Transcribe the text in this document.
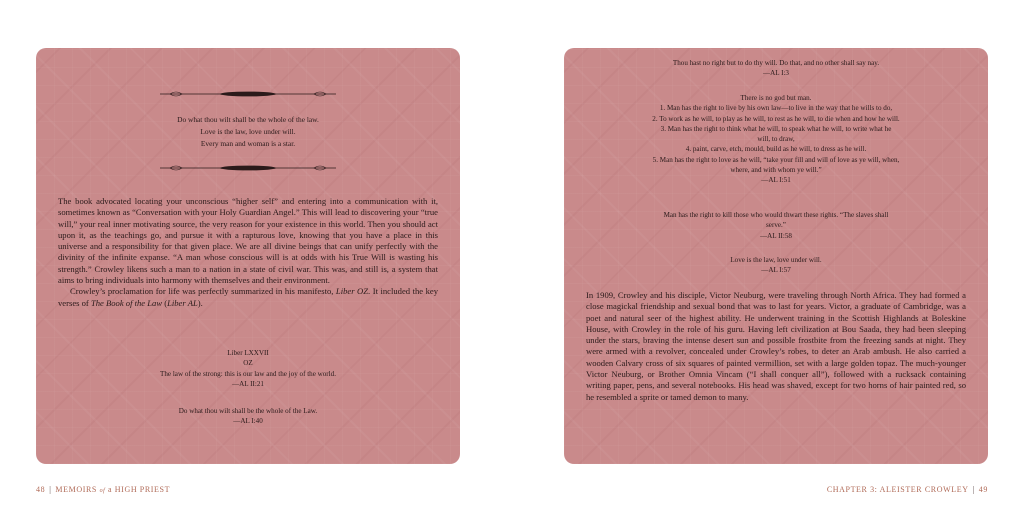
Do what thou wilt shall be the whole of the law.
Love is the law, love under will.
Every man and woman is a star.

The book advocated locating your unconscious “higher self” and entering into a communication with it, sometimes known as “Conversation with your Holy Guardian Angel.” This will lead to discovering your “true will,” your real inner motivating source, the very reason for your existence in this world. Then you should act upon it, as the teachings go, and pursue it with a rapturous love, knowing that you have a place in this universe and a responsibility for that given place. We are all divine beings that can unify perfectly with the divinity of the infinite expanse. “A man whose conscious will is at odds with his True Will is wasting his strength.” Crowley likens such a man to a nation in a state of civil war. This was, and still is, a system that aims to bring individuals into harmony with themselves and their environment.

Crowley’s proclamation for life was perfectly summarized in his manifesto, Liber OZ. It included the key verses of The Book of the Law (Liber AL).

Liber LXXVII
OZ
The law of the strong: this is our law and the joy of the world.
—AL II:21
Do what thou wilt shall be the whole of the Law.
—AL I:40
Thou hast no right but to do thy will. Do that, and no other shall say nay.
—AL I:3
There is no god but man.
1. Man has the right to live by his own law—to live in the way that he wills to do,
2. To work as he will, to play as he will, to rest as he will, to die when and how he will.
3. Man has the right to think what he will, to speak what he will, to write what he
will, to draw,
4. paint, carve, etch, mould, build as he will, to dress as he will.
5. Man has the right to love as he will, “take your fill and will of love as ye will, when,
where, and with whom ye will.”
—AL I:51
Man has the right to kill those who would thwart these rights. “The slaves shall
serve.”
—AL II:58
Love is the law, love under will.
—AL I:57

In 1909, Crowley and his disciple, Victor Neuburg, were traveling through North Africa. They had formed a close magickal friendship and sexual bond that was to last for years. Victor, a graduate of Cambridge, was a poet and natural seer of the highest ability. He underwent training in the Scottish Highlands at Boleskine House, with Crowley in the role of his guru. Having left civilization at Bou Saada, they had been sleeping under the stars, braving the intense desert sun and possible frostbite from the freezing sands at night. They were armed with a revolver, concealed under Crowley’s robes, to deter an Arab ambush. He also carried a wooden Calvary cross of six squares of painted vermillion, set with a large golden topaz. The much-younger Victor Neuburg, or Brother Omnia Vincam (“I shall conquer all”), followed with a rucksack containing writing paper, pens, and several notebooks. His head was shaved, except for two horns of hair painted red, so he resembled a sprite or tamed demon to many.

48 | MEMOIRS of a HIGH PRIEST	CHAPTER 3: ALEISTER CROWLEY | 49
